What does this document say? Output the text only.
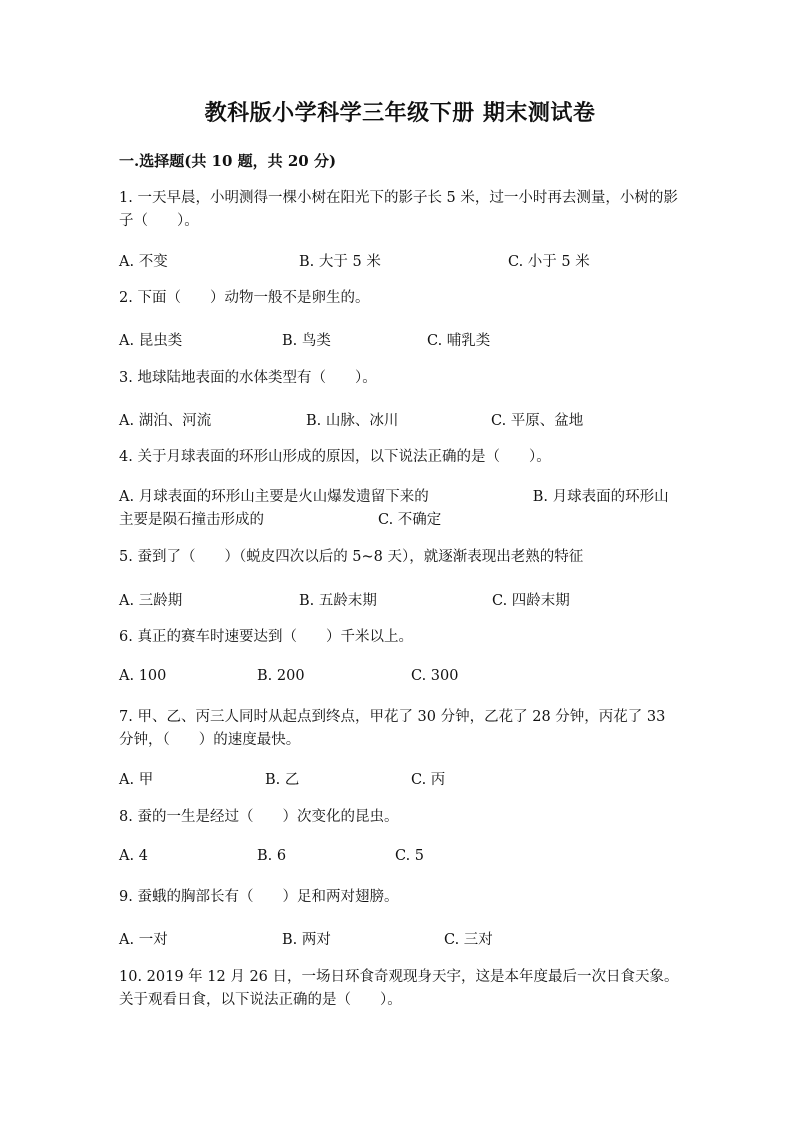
教科版小学科学三年级下册 期末测试卷
一.选择题(共 10 题，共 20 分)
1. 一天早晨，小明测得一棵小树在阳光下的影子长 5 米，过一小时再去测量，小树的影子（　　）。
A. 不变	B. 大于 5 米	C. 小于 5 米
2. 下面（　　）动物一般不是卵生的。
A. 昆虫类	B. 鸟类	C. 哺乳类
3. 地球陆地表面的水体类型有（　　）。
A. 湖泊、河流	B. 山脉、冰川	C. 平原、盆地
4. 关于月球表面的环形山形成的原因，以下说法正确的是（　　）。
A. 月球表面的环形山主要是火山爆发遗留下来的	B. 月球表面的环形山主要是陨石撞击形成的	C. 不确定
5. 蚕到了（　　）（蜕皮四次以后的 5~8 天），就逐渐表现出老熟的特征
A. 三龄期	B. 五龄末期	C. 四龄末期
6. 真正的赛车时速要达到（　　）千米以上。
A. 100	B. 200	C. 300
7. 甲、乙、丙三人同时从起点到终点，甲花了 30 分钟，乙花了 28 分钟，丙花了 33 分钟，（　　）的速度最快。
A. 甲	B. 乙	C. 丙
8. 蚕的一生是经过（　　）次变化的昆虫。
A. 4	B. 6	C. 5
9. 蚕蛾的胸部长有（　　）足和两对翅膀。
A. 一对	B. 两对	C. 三对
10. 2019 年 12 月 26 日，一场日环食奇观现身天宇，这是本年度最后一次日食天象。关于观看日食，以下说法正确的是（　　）。
